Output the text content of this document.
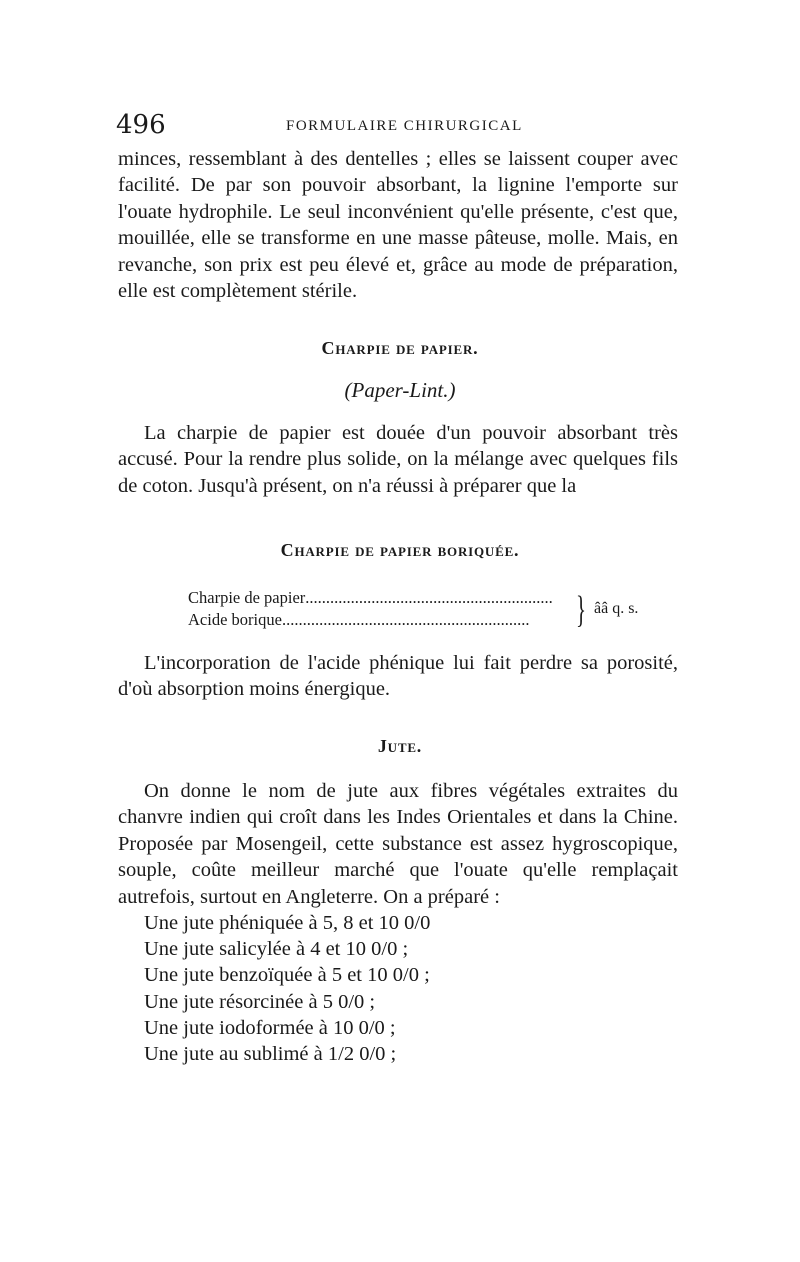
496	FORMULAIRE CHIRURGICAL

minces, ressemblant à des dentelles ; elles se laissent couper avec facilité. De par son pouvoir absorbant, la lignine l'emporte sur l'ouate hydrophile. Le seul inconvénient qu'elle présente, c'est que, mouillée, elle se transforme en une masse pâteuse, molle. Mais, en revanche, son prix est peu élevé et, grâce au mode de préparation, elle est complètement stérile.

Charpie de papier.

(Paper-Lint.)

La charpie de papier est douée d'un pouvoir absorbant très accusé. Pour la rendre plus solide, on la mélange avec quelques fils de coton. Jusqu'à présent, on n'a réussi à préparer que la

Charpie de papier boriquée.
Charpie de papier............................................................
Acide borique............................................................	} ââ q. s.

L'incorporation de l'acide phénique lui fait perdre sa porosité, d'où absorption moins énergique.

Jute.

On donne le nom de jute aux fibres végétales extraites du chanvre indien qui croît dans les Indes Orientales et dans la Chine. Proposée par Mosengeil, cette substance est assez hygroscopique, souple, coûte meilleur marché que l'ouate qu'elle remplaçait autrefois, surtout en Angleterre. On a préparé :

Une jute phéniquée à 5, 8 et 10 0/0
Une jute salicylée à 4 et 10 0/0 ;
Une jute benzoïquée à 5 et 10 0/0 ;
Une jute résorcinée à 5 0/0 ;
Une jute iodoformée à 10 0/0 ;
Une jute au sublimé à 1/2 0/0 ;
